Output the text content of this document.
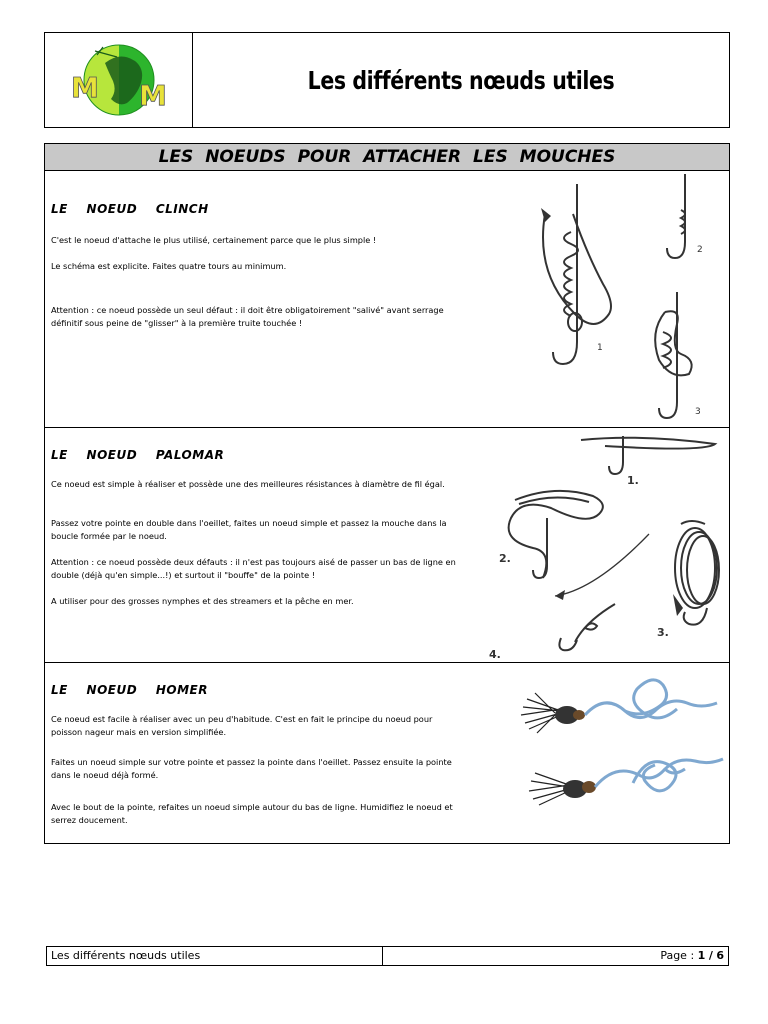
M M	Les différents nœuds utiles
LES NOEUDS POUR ATTACHER LES MOUCHES
LE NOEUD CLINCH
C'est le noeud d'attache le plus utilisé, certainement parce que le plus simple !
Le schéma est explicite. Faites quatre tours au minimum.
Attention : ce noeud possède un seul défaut : il doit être obligatoirement "salivé" avant serrage définitif sous peine de "glisser" à la première truite touchée !
1
2
3
LE NOEUD PALOMAR
Ce noeud est simple à réaliser et possède une des meilleures résistances à diamètre de fil égal.
Passez votre pointe en double dans l'oeillet, faites un noeud simple et passez la mouche dans la boucle formée par le noeud.
Attention : ce noeud possède deux défauts : il n'est pas toujours aisé de passer un bas de ligne en double (déjà qu'en simple...!) et surtout il "bouffe" de la pointe !
A utiliser pour des grosses nymphes et des streamers et la pêche en mer.
1.
2.
3.
4.
LE NOEUD HOMER
Ce noeud est facile à réaliser avec un peu d'habitude. C'est en fait le principe du noeud pour poisson nageur mais en version simplifiée.
Faites un noeud simple sur votre pointe et passez la pointe dans l'oeillet. Passez ensuite la pointe dans le noeud déjà formé.
Avec le bout de la pointe, refaites un noeud simple autour du bas de ligne. Humidifiez le noeud et serrez doucement.
Les différents nœuds utiles	Page : 1 / 6
